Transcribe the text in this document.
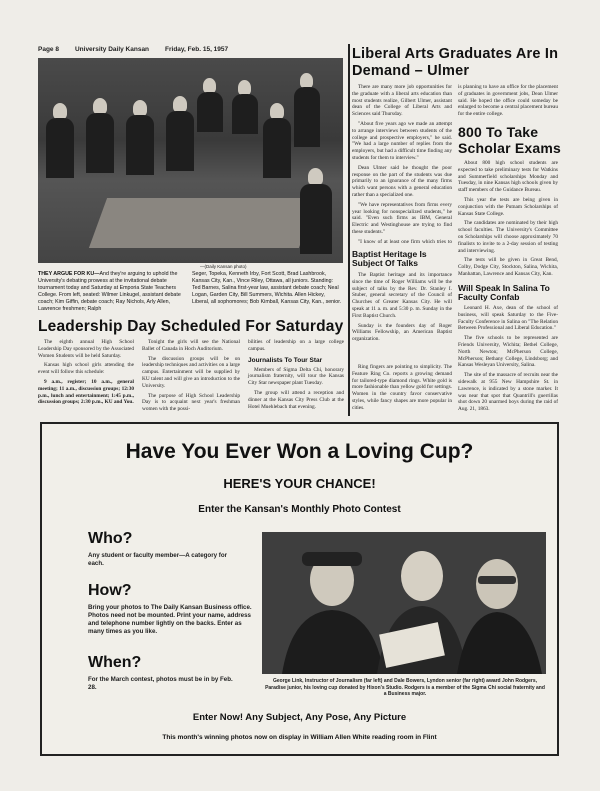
Page 8 University Daily Kansan Friday, Feb. 15, 1957
—(Daily Kansan photo)
THEY ARGUE FOR KU—And they're arguing to uphold the University's debating prowess at the invitational debate tournament today and Saturday at Emporia State Teachers College. From left, seated: Wilmer Linkugel, assistant debate coach; Kim Giffin, debate coach; Ray Nichols, Arly Allen, Lawrence freshmen; Ralph
Seger, Topeka, Kenneth Irby, Fort Scott, Brad Lashbrook, Kansas City, Kan., Vince Riley, Ottawa, all juniors. Standing: Ted Barnes, Salina first-year law, assistant debate coach; Neal Logan, Garden City, Bill Summers, Wichita. Allen Hickey, Liberal, all sophomores; Bob Kimball, Kansas City, Kan., senior.
Leadership Day Scheduled For Saturday

The eighth annual High School Leadership Day sponsored by the Associated Women Students will be held Saturday.

Kansas high school girls attending the event will follow this schedule:

9 a.m., register; 10 a.m., general meeting; 11 a.m., discussion groups; 12:30 p.m., lunch and entertainment; 1:45 p.m., discussion groups; 2:30 p.m., KU and You.

Tonight the girls will see the National Ballet of Canada in Hoch Auditorium.

The discussion groups will be on leadership techniques and activities on a large campus. Entertainment will be supplied by KU talent and will give an introduction to the University.

The purpose of High School Leadership Day is to acquaint next year's freshman women with the possi-

bilities of leadership on a large college campus.

Journalists To Tour Star

Members of Sigma Delta Chi, honorary journalism fraternity, will tour the Kansas City Star newspaper plant Tuesday.

The group will attend a reception and dinner at the Kansas City Press Club at the Hotel Muehlebach that evening.

Liberal Arts Graduates Are In Demand – Ulmer

There are many more job opportunities for the graduate with a liberal arts education than most students realize, Gilbert Ulmer, assistant dean of the College of Liberal Arts and Sciences said Thursday.

"About five years ago we made an attempt to arrange interviews between students of the college and prospective employers," he said. "We had a large number of replies from the employers, but had a difficult time finding any students for them to interview."

Dean Ulmer said he thought the poor response on the part of the students was due primarily to an ignorance of the many firms which want persons with a general education rather than a specialized one.

"We have representatives from firms every year looking for nonspecialized students," he said. "Even such firms as IBM, General Electric and Westinghouse are trying to find these students."

"I know of at least one firm which tries to

is planning to have an office for the placement of graduates in government jobs, Dean Ulmer said. He hoped the office could someday be enlarged to become a central placement bureau for the entire college.

800 To Take Scholar Exams

About 800 high school students are expected to take preliminary tests for Watkins and Summerfield scholarships Monday and Tuesday, in nine Kansas high schools given by staff members of the Guidance Bureau.

This year the tests are being given in conjunction with the Putnam Scholarships of Kansas State College.

The candidates are nominated by their high school faculties. The University's Committee on Scholarships will choose approximately 70 finalists to invite to a 2-day session of testing and interviewing.

The tests will be given in Great Bend, Colby, Dodge City, Stockton, Salina, Wichita, Manhattan, Lawrence and Kansas City, Kan.

Baptist Heritage Is Subject Of Talks

The Baptist heritage and its importance since the time of Roger Williams will be the subject of talks by the Rev. Dr. Stanley I. Stuber, general secretary of the Council of Churches of Greater Kansas City. He will speak at 11 a. m. and 5:30 p. m. Sunday in the First Baptist Church.

Sunday is the founders day of Roger Williams Fellowship, an American Baptist organization.

Ring fingers are pointing to simplicity. The Feature Ring Co. reports a growing demand for tailored-type diamond rings. White gold is more fashionable than yellow gold for settings. Women in the country favor conservative styles, while fancy shapes are more popular in cities.

Will Speak In Salina To Faculty Confab

Leonard H. Axe, dean of the school of business, will speak Saturday to the Five-Faculty Conference in Salina on "The Relation Between Professional and Liberal Education."

The five schools to be represented are Friends University, Wichita; Bethel College, North Newton; McPherson College, McPherson; Bethany College, Lindsborg; and Kansas Wesleyan University, Salina.

The site of the massacre of recruits near the sidewalk at 955 New Hampshire St. in Lawrence, is indicated by a stone marker. It was near that spot that Quantrill's guerrillas shot down 20 unarmed boys during the raid of Aug. 21, 1863.

Have You Ever Won a Loving Cup?
HERE'S YOUR CHANCE!
Enter the Kansan's Monthly Photo Contest
Who?
Any student or faculty member—A category for each.
How?
Bring your photos to The Daily Kansan Business office. Photos need not be mounted. Print your name, address and telephone number lightly on the backs. Enter as many times as you like.
When?
For the March contest, photos must be in by Feb. 28.
George Link, Instructor of Journalism (far left) and Dale Bowers, Lyndon senior (far right) award John Rodgers, Paradise junior, his loving cup donated by Hixon's Studio. Rodgers is a member of the Sigma Chi social fraternity and a Business major.
Enter Now! Any Subject, Any Pose, Any Picture
This month's winning photos now on display in William Allen White reading room in Flint
